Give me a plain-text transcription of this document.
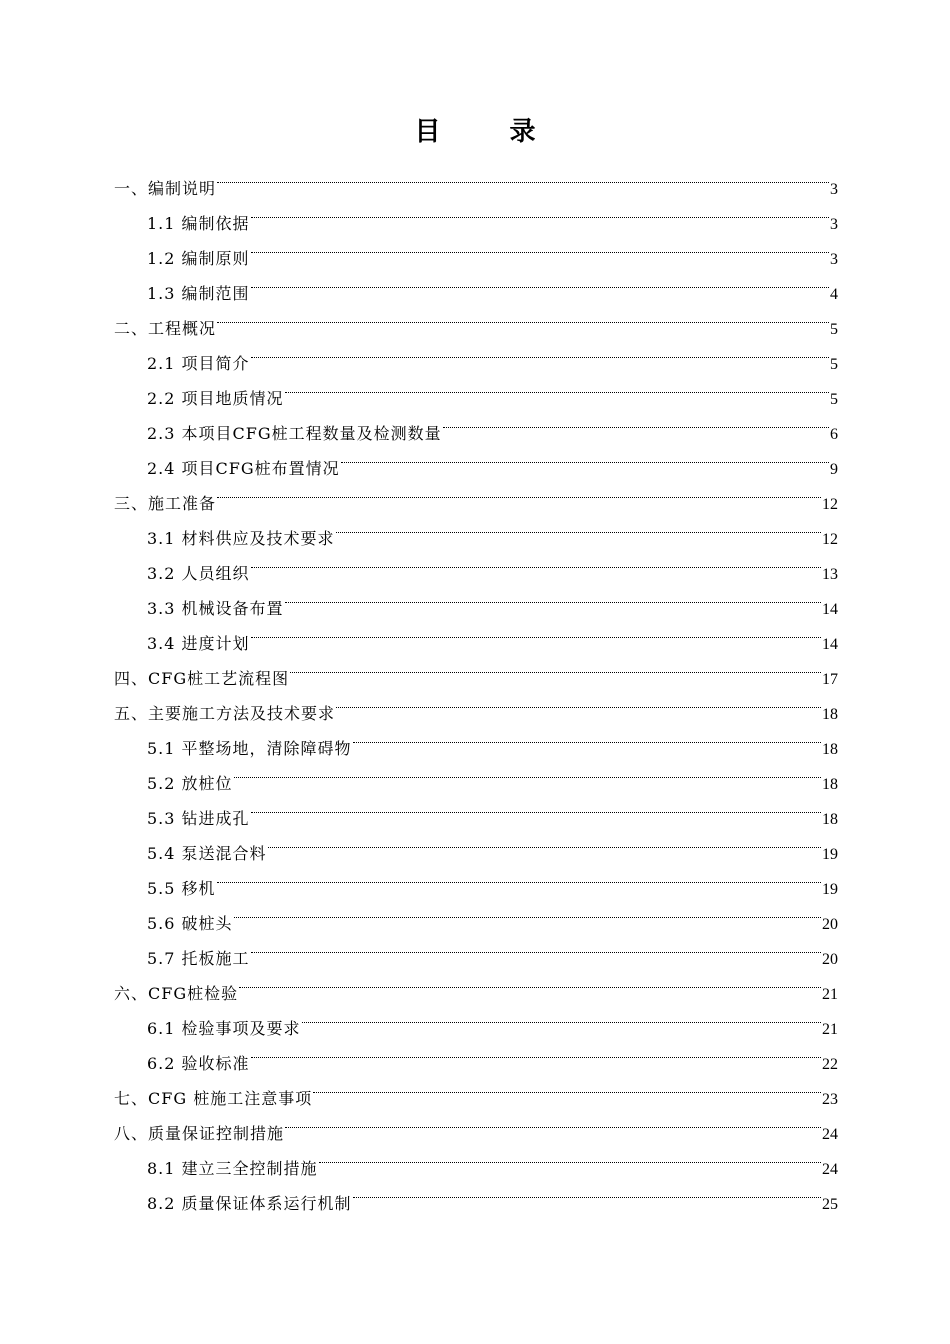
目 录
一、编制说明	3
1.1 编制依据	3
1.2 编制原则	3
1.3 编制范围	4
二、工程概况	5
2.1 项目简介	5
2.2 项目地质情况	5
2.3 本项目CFG桩工程数量及检测数量	6
2.4 项目CFG桩布置情况	9
三、施工准备	12
3.1 材料供应及技术要求	12
3.2 人员组织	13
3.3 机械设备布置	14
3.4 进度计划	14
四、CFG桩工艺流程图	17
五、主要施工方法及技术要求	18
5.1 平整场地，清除障碍物	18
5.2 放桩位	18
5.3 钻进成孔	18
5.4 泵送混合料	19
5.5 移机	19
5.6 破桩头	20
5.7 托板施工	20
六、CFG桩检验	21
6.1 检验事项及要求	21
6.2 验收标准	22
七、CFG 桩施工注意事项	23
八、质量保证控制措施	24
8.1 建立三全控制措施	24
8.2 质量保证体系运行机制	25
